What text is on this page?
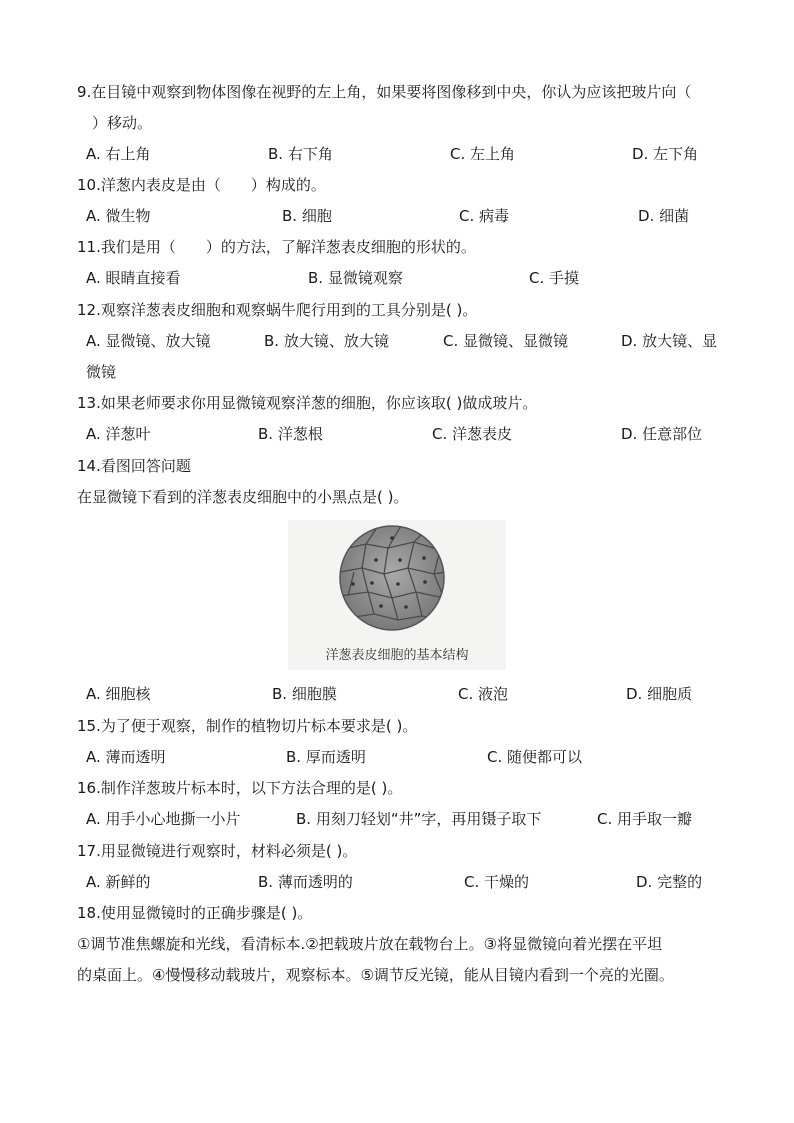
9.在目镜中观察到物体图像在视野的左上角，如果要将图像移到中央，你认为应该把玻片向（
）移动。
A. 右上角	B. 右下角	C. 左上角	D. 左下角
10.洋葱内表皮是由（　　）构成的。
A. 微生物	B. 细胞	C. 病毒	D. 细菌
11.我们是用（　　）的方法，了解洋葱表皮细胞的形状的。
A. 眼睛直接看	B. 显微镜观察	C. 手摸
12.观察洋葱表皮细胞和观察蜗牛爬行用到的工具分别是( )。
A. 显微镜、放大镜	B. 放大镜、放大镜	C. 显微镜、显微镜	D. 放大镜、显
微镜
13.如果老师要求你用显微镜观察洋葱的细胞，你应该取( )做成玻片。
A. 洋葱叶	B. 洋葱根	C. 洋葱表皮	D. 任意部位
14.看图回答问题
在显微镜下看到的洋葱表皮细胞中的小黑点是( )。
洋葱表皮细胞的基本结构
A. 细胞核	B. 细胞膜	C. 液泡	D. 细胞质
15.为了便于观察，制作的植物切片标本要求是( )。
A. 薄而透明	B. 厚而透明	C. 随便都可以
16.制作洋葱玻片标本时，以下方法合理的是( )。
A. 用手小心地撕一小片	B. 用刻刀轻划“井”字，再用镊子取下	C. 用手取一瓣
17.用显微镜进行观察时，材料必须是( )。
A. 新鲜的	B. 薄而透明的	C. 干燥的	D. 完整的
18.使用显微镜时的正确步骤是( )。
①调节准焦螺旋和光线，看清标本.②把载玻片放在载物台上。③将显微镜向着光摆在平坦
的桌面上。④慢慢移动载玻片，观察标本。⑤调节反光镜，能从目镜内看到一个亮的光圈。
